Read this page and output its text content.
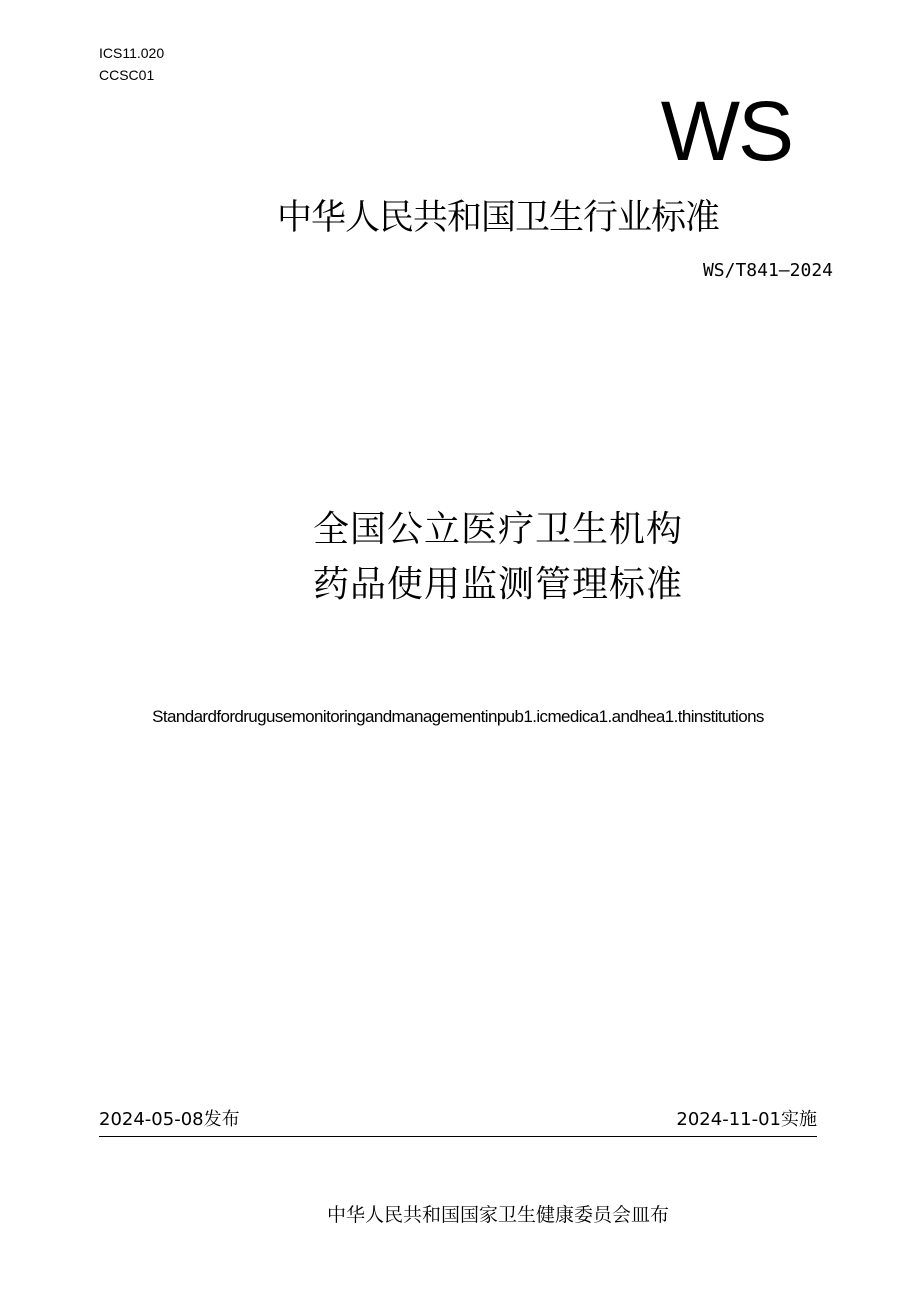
ICS11.020
CCSC01
WS
中华人民共和国卫生行业标准
WS/T841—2024
全国公立医疗卫生机构
药品使用监测管理标准
Standardfordrugusemonitoringandmanagementinpub1.icmedica1.andhea1.thinstitutions
2024-05-08发布	2024-11-01实施
中华人民共和国国家卫生健康委员会皿布
